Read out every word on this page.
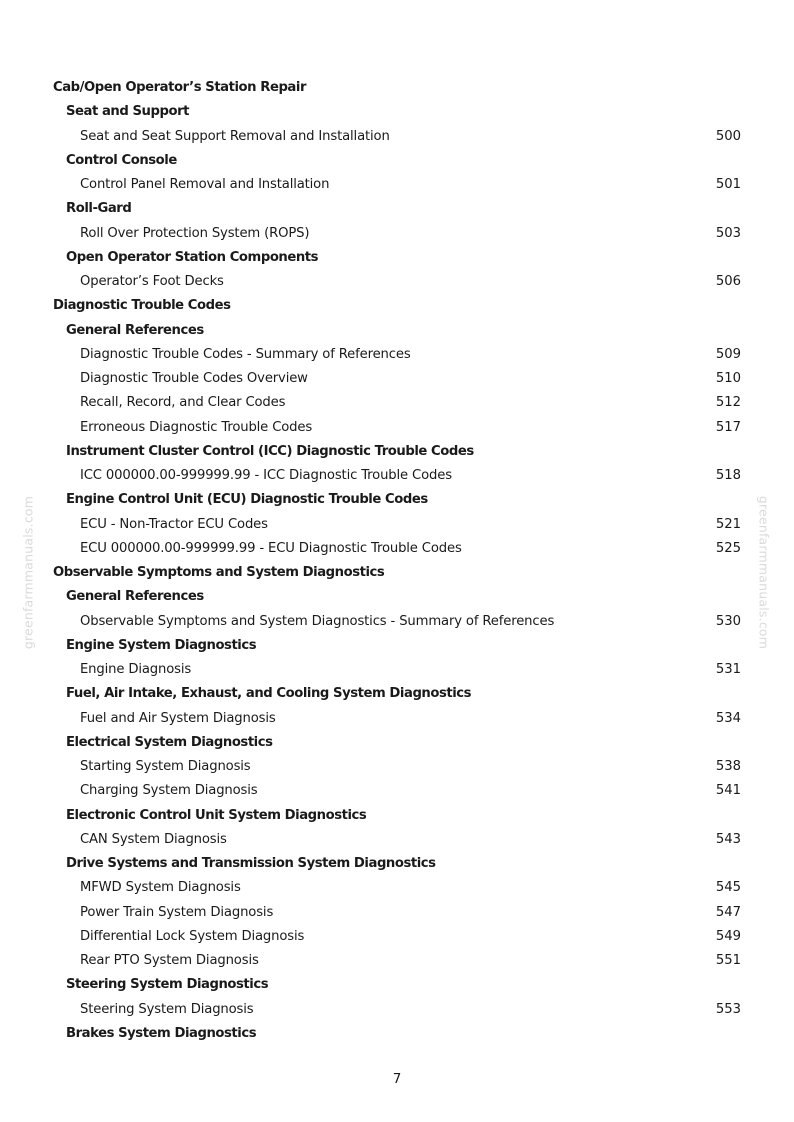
Cab/Open Operator’s Station Repair
Seat and Support
Seat and Seat Support Removal and Installation	500
Control Console
Control Panel Removal and Installation	501
Roll-Gard
Roll Over Protection System (ROPS)	503
Open Operator Station Components
Operator’s Foot Decks	506
Diagnostic Trouble Codes
General References
Diagnostic Trouble Codes - Summary of References	509
Diagnostic Trouble Codes Overview	510
Recall, Record, and Clear Codes	512
Erroneous Diagnostic Trouble Codes	517
Instrument Cluster Control (ICC) Diagnostic Trouble Codes
ICC 000000.00-999999.99 - ICC Diagnostic Trouble Codes	518
Engine Control Unit (ECU) Diagnostic Trouble Codes
ECU - Non-Tractor ECU Codes	521
ECU 000000.00-999999.99 - ECU Diagnostic Trouble Codes	525
Observable Symptoms and System Diagnostics
General References
Observable Symptoms and System Diagnostics - Summary of References	530
Engine System Diagnostics
Engine Diagnosis	531
Fuel, Air Intake, Exhaust, and Cooling System Diagnostics
Fuel and Air System Diagnosis	534
Electrical System Diagnostics
Starting System Diagnosis	538
Charging System Diagnosis	541
Electronic Control Unit System Diagnostics
CAN System Diagnosis	543
Drive Systems and Transmission System Diagnostics
MFWD System Diagnosis	545
Power Train System Diagnosis	547
Differential Lock System Diagnosis	549
Rear PTO System Diagnosis	551
Steering System Diagnostics
Steering System Diagnosis	553
Brakes System Diagnostics
7
greenfarmmanuals.com	greenfarmmanuals.com
